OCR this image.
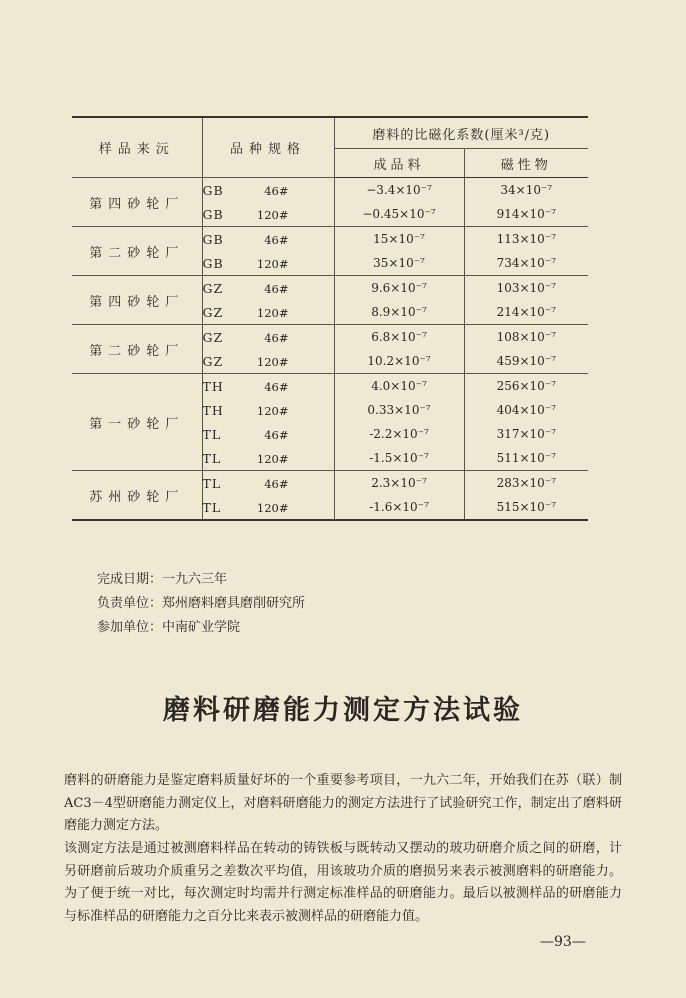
样品来沅	品种规格	磨料的比磁化系数(厘米³/克)	
		成品料	磁性物
第四砂轮厂	GB 46#	−3.4×10⁻⁷	34×10⁻⁷
	GB 120#	−0.45×10⁻⁷	914×10⁻⁷
第二砂轮厂	GB 46#	15×10⁻⁷	113×10⁻⁷
	GB 120#	35×10⁻⁷	734×10⁻⁷
第四砂轮厂	GZ 46#	9.6×10⁻⁷	103×10⁻⁷
	GZ 120#	8.9×10⁻⁷	214×10⁻⁷
第二砂轮厂	GZ 46#	6.8×10⁻⁷	108×10⁻⁷
	GZ 120#	10.2×10⁻⁷	459×10⁻⁷
第一砂轮厂	TH 46#	4.0×10⁻⁷	256×10⁻⁷
	TH 120#	0.33×10⁻⁷	404×10⁻⁷
	TL 46#	-2.2×10⁻⁷	317×10⁻⁷
	TL 120#	-1.5×10⁻⁷	511×10⁻⁷
苏州砂轮厂	TL 46#	2.3×10⁻⁷	283×10⁻⁷
	TL 120#	-1.6×10⁻⁷	515×10⁻⁷
完成日期：一九六三年
负责单位：郑州磨料磨具磨削研究所
参加单位：中南矿业学院
磨料研磨能力测定方法试验
磨料的研磨能力是鉴定磨料质量好坏的一个重要参考项目，一九六二年，开始我们在苏（联）制AC3－4型研磨能力测定仪上，对磨料研磨能力的测定方法进行了试验研究工作，制定出了磨料研磨能力测定方法。
该测定方法是通过被测磨料样品在转动的铸铁板与既转动又摆动的玻功研磨介质之间的研磨，计另研磨前后玻功介质重另之差数次平均值，用该玻功介质的磨损另来表示被测磨料的研磨能力。为了便于统一对比，每次测定时均需并行测定标准样品的研磨能力。最后以被测样品的研磨能力与标准样品的研磨能力之百分比来表示被测样品的研磨能力值。
—93—
